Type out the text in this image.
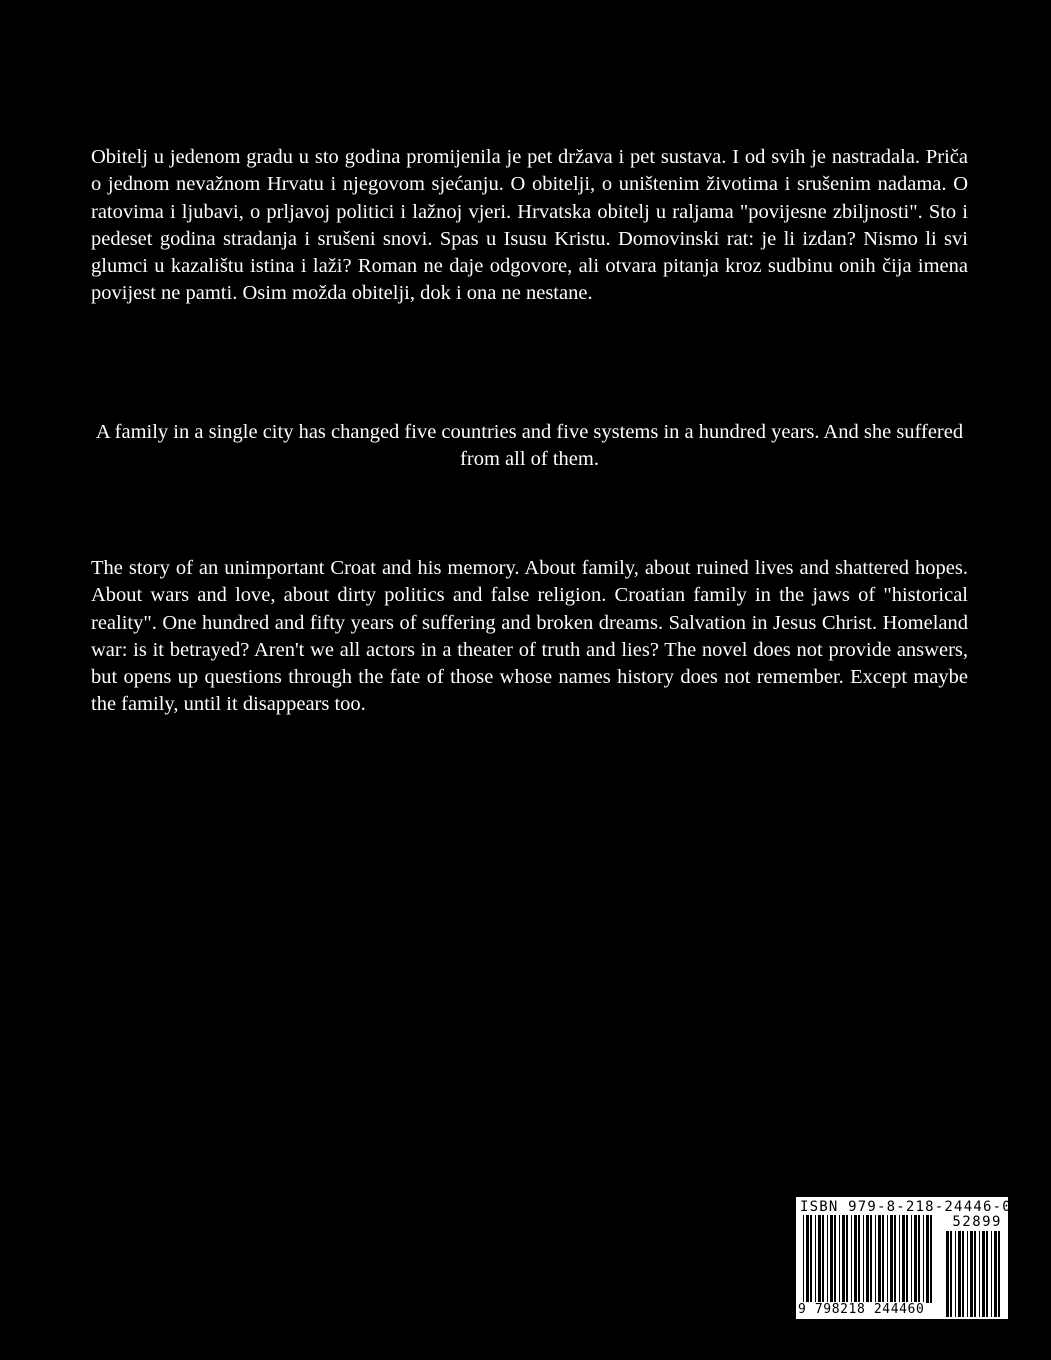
Obitelj u jedenom gradu u sto godina promijenila je pet država i pet sustava. I od svih je nastradala. Priča o jednom nevažnom Hrvatu i njegovom sjećanju. O obitelji, o uništenim životima i srušenim nadama. O ratovima i ljubavi, o prljavoj politici i lažnoj vjeri. Hrvatska obitelj u raljama "povijesne zbiljnosti". Sto i pedeset godina stradanja i srušeni snovi. Spas u Isusu Kristu. Domovinski rat: je li izdan? Nismo li svi glumci u kazalištu istina i laži? Roman ne daje odgovore, ali otvara pitanja kroz sudbinu onih čija imena povijest ne pamti. Osim možda obitelji, dok i ona ne nestane.

A family in a single city has changed five countries and five systems in a hundred years. And she suffered from all of them.

The story of an unimportant Croat and his memory. About family, about ruined lives and shattered hopes. About wars and love, about dirty politics and false religion. Croatian family in the jaws of "historical reality". One hundred and fifty years of suffering and broken dreams. Salvation in Jesus Christ. Homeland war: is it betrayed? Aren't we all actors in a theater of truth and lies? The novel does not provide answers, but opens up questions through the fate of those whose names history does not remember. Except maybe the family, until it disappears too.

ISBN 979-8-218-24446-0
52899
9 798218 244460
